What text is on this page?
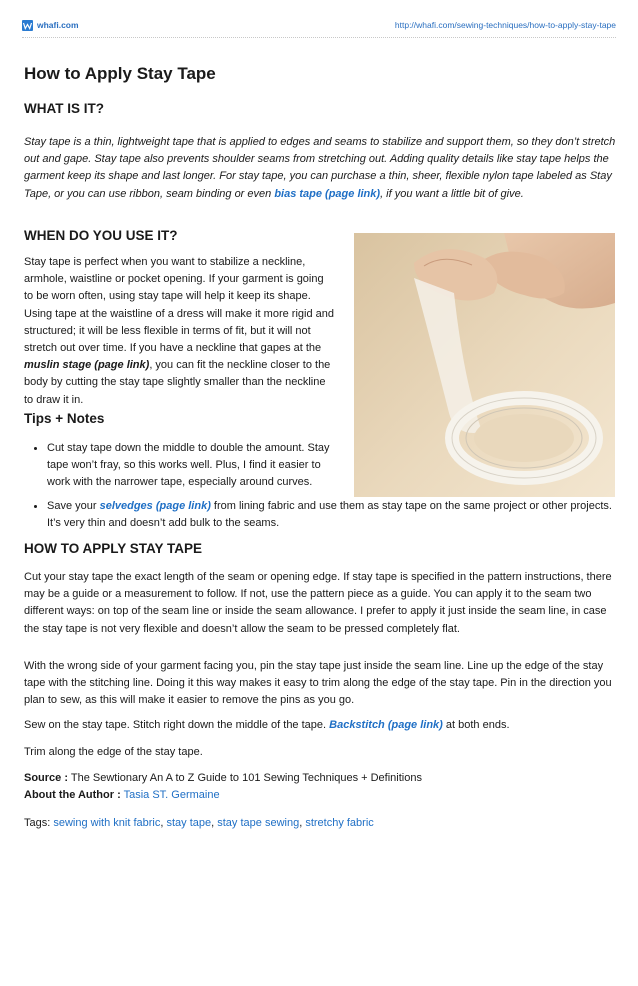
whafi.com	http://whafi.com/sewing-techniques/how-to-apply-stay-tape
How to Apply Stay Tape
WHAT IS IT?

Stay tape is a thin, lightweight tape that is applied to edges and seams to stabilize and support them, so they don’t stretch out and gape. Stay tape also prevents shoulder seams from stretching out. Adding quality details like stay tape helps the garment keep its shape and last longer. For stay tape, you can purchase a thin, sheer, flexible nylon tape labeled as Stay Tape, or you can use ribbon, seam binding or even bias tape (page link), if you want a little bit of give.

WHEN DO YOU USE IT?

Stay tape is perfect when you want to stabilize a neckline, armhole, waistline or pocket opening. If your garment is going to be worn often, using stay tape will help it keep its shape. Using tape at the waistline of a dress will make it more rigid and structured; it will be less flexible in terms of fit, but it will not stretch out over time. If you have a neckline that gapes at the muslin stage (page link), you can fit the neckline closer to the body by cutting the stay tape slightly smaller than the neckline to draw it in.

Tips + Notes
Cut stay tape down the middle to double the amount. Stay tape won’t fray, so this works well. Plus, I find it easier to work with the narrower tape, especially around curves.
Save your selvedges (page link) from lining fabric and use them as stay tape on the same project or other projects. It’s very thin and doesn’t add bulk to the seams.
HOW TO APPLY STAY TAPE

Cut your stay tape the exact length of the seam or opening edge. If stay tape is specified in the pattern instructions, there may be a guide or a measurement to follow. If not, use the pattern piece as a guide. You can apply it to the seam two different ways: on top of the seam line or inside the seam allowance. I prefer to apply it just inside the seam line, in case the stay tape is not very flexible and doesn’t allow the seam to be pressed completely flat.

With the wrong side of your garment facing you, pin the stay tape just inside the seam line. Line up the edge of the stay tape with the stitching line. Doing it this way makes it easy to trim along the edge of the stay tape. Pin in the direction you plan to sew, as this will make it easier to remove the pins as you go.

Sew on the stay tape. Stitch right down the middle of the tape. Backstitch (page link) at both ends.

Trim along the edge of the stay tape.

Source : The Sewtionary An A to Z Guide to 101 Sewing Techniques + Definitions
About the Author : Tasia ST. Germaine

Tags: sewing with knit fabric, stay tape, stay tape sewing, stretchy fabric
